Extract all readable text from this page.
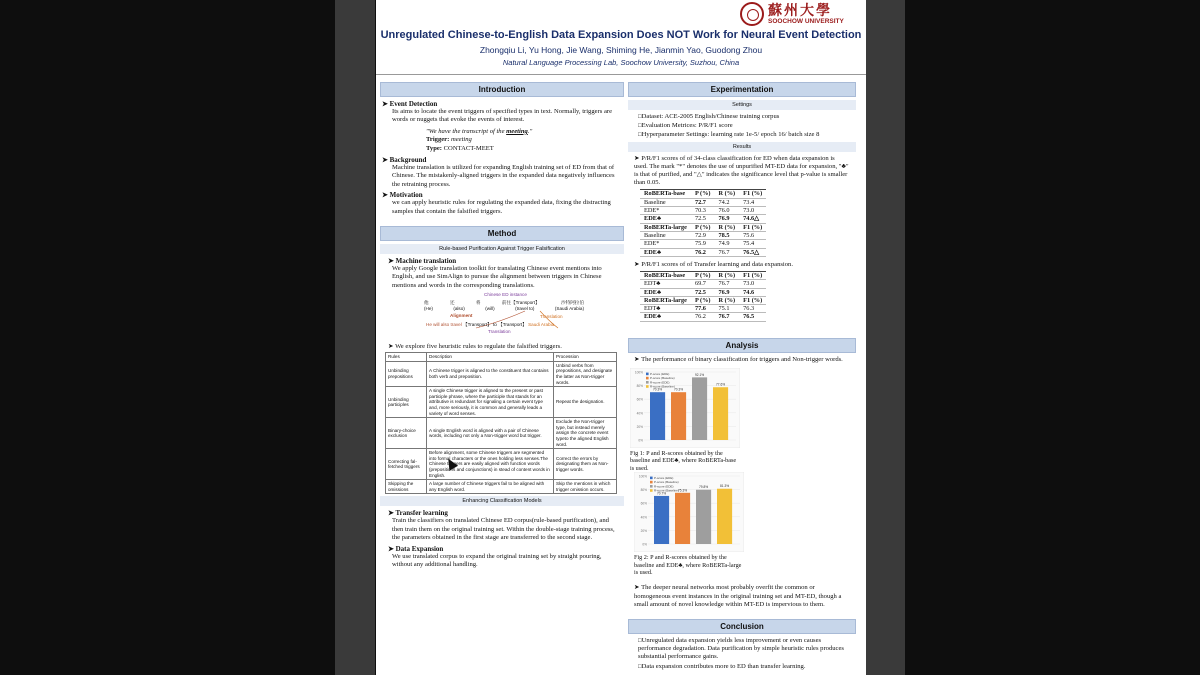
蘇州大學
SOOCHOW UNIVERSITY
Unregulated Chinese-to-English Data Expansion Does NOT Work for Neural Event Detection
Zhongqiu Li, Yu Hong, Jie Wang, Shiming He, Jianmin Yao, Guodong Zhou
Natural Language Processing Lab, Soochow University, Suzhou, China
Introduction
➤ Event Detection
Its aims to locate the event triggers of specified types in text. Normally, triggers are words or nuggets that evoke the events of interest.
"We have the transcript of the meeting."
Trigger: meeting
Type: CONTACT-MEET
➤ Background
Machine translation is utilized for expanding English training set of ED from that of Chinese. The mistakenly-aligned triggers in the expanded data negatively influences the retraining process.
➤ Motivation
we can apply heuristic rules for regulating the expanded data, fixing the distracting samples that contain the falsified triggers.
Method
Rule-based Purification Against Trigger Falsification
➤ Machine translation
We apply Google translation toolkit for translating Chinese event mentions into English, and use SimAlign to pursue the alignment between triggers in Chinese mentions and words in the corresponding translations.
Chinese ED instance
他	还	将	前往【Transport】	沙特阿拉伯
(He)	(also)	(will)	(travel to)	(Saudi Arabia)
Alignment	Translation
He will also travel 【Transport】 to 【Transport】 Saudi Arabia
Translation
➤ We explore five heuristic rules to regulate the falsified triggers.
Rules	Description	Procession
Unbinding prepositions	A Chinese trigger is aligned to the constituent that contains both verb and preposition.	Unbind verbs from prepositions, and designate the latter as Non-trigger words.
Unbinding participles	A single Chinese trigger is aligned to the present or past participle phrase, where the participle that stands for an attributive is redundant for signaling a certain event type and, more seriously, it is common and generally leads a variety of word senses.	Repeat the designation.
Binary-choice exclusion	A single English word is aligned with a pair of Chinese words, including not only a Non-trigger word but trigger.	Exclude the Non-trigger type, but instead merely assign the concrete event typeto the aligned English word.
Correcting fal-fetched triggers	Before alignment, some Chinese triggers are segmented into formal characters or the ones holding less senses.The Chinese triggers are easily aligned with function words (prepositions and conjunctions) in stead of content words in English.	Correct the errors by designating them as Non-trigger words.
Skipping the omissions	A large number of Chinese triggers fail to be aligned with any English word.	Skip the mentions in which trigger omission occurs.
Enhancing Classification Models
➤ Transfer learning
Train the classifiers on translated Chinese ED corpus(rule-based purification), and then train them on the original training set. Within the double-stage training process, the parameters obtained in the first stage are transferred to the second stage.
➤ Data Expansion
We use translated corpus to expand the original training set by straight pouring, without any additional handling.
Experimentation
Settings
□ Dataset: ACE-2005 English/Chinese training corpus
□ Evaluation Metrices: P/R/F1 score
□ Hyperparameter Settings: learning rate 1e-5/ epoch 16/ batch size 8
Results
➤ P/R/F1 scores of of 34-class classification for ED when data expansion is used. The mark "*" denotes the use of unpurified MT-ED data for expansion, "♣" is that of purified, and "△" indicates the significance level that p-value is smaller than 0.05.
RoBERTa-base	P (%)	R (%)	F1 (%)
Baseline	72.7	74.2	73.4
EDE*	70.3	76.0	73.0
EDE♣	72.5	76.9	74.6△
RoBERTa-large	P (%)	R (%)	F1 (%)
Baseline	72.9	78.5	75.6
EDE*	75.9	74.9	75.4
EDE♣	76.2	76.7	76.5△
➤ P/R/F1 scores of of Transfer learning and data expansion.
RoBERTa-base	P (%)	R (%)	F1 (%)
EDT♣	69.7	76.7	73.0
EDE♣	72.5	76.9	74.6
RoBERTa-large	P (%)	R (%)	F1 (%)
EDT♣	77.6	75.1	76.3
EDE♣	76.2	76.7	76.5
Analysis
➤ The performance of binary classification for triggers and Non-trigger words.
100%
80%
60%
40%
20%
0%
70.3%	70.3%
92.1%
77.6%
P-score (EDE)
P-score (Baseline)
R-score (EDE)
R-score (Baseline)
Fig 1: P and R-scores obtained by the baseline and EDE♣, where RoBERTa-base is used.

100%
80%
60%
40%
20%
0%
70.7%
75.3%
79.8%	81.3%
P-score (EDE)
P-score (Baseline)
R-score (EDE)
R-score (Baseline)
Fig 2: P and R-scores obtained by the baseline and EDE♣, where RoBERTa-large is used.
➤ The deeper neural networks most probably overfit the common or homogeneous event instances in the original training set and MT-ED, though a small amount of novel knowledge within MT-ED is impervious to them.
Conclusion
□ Unregulated data expansion yields less improvement or even causes performance degradation. Data purification by simple heuristic rules produces substantial performance gains.
□ Data expansion contributes more to ED than transfer learning.
